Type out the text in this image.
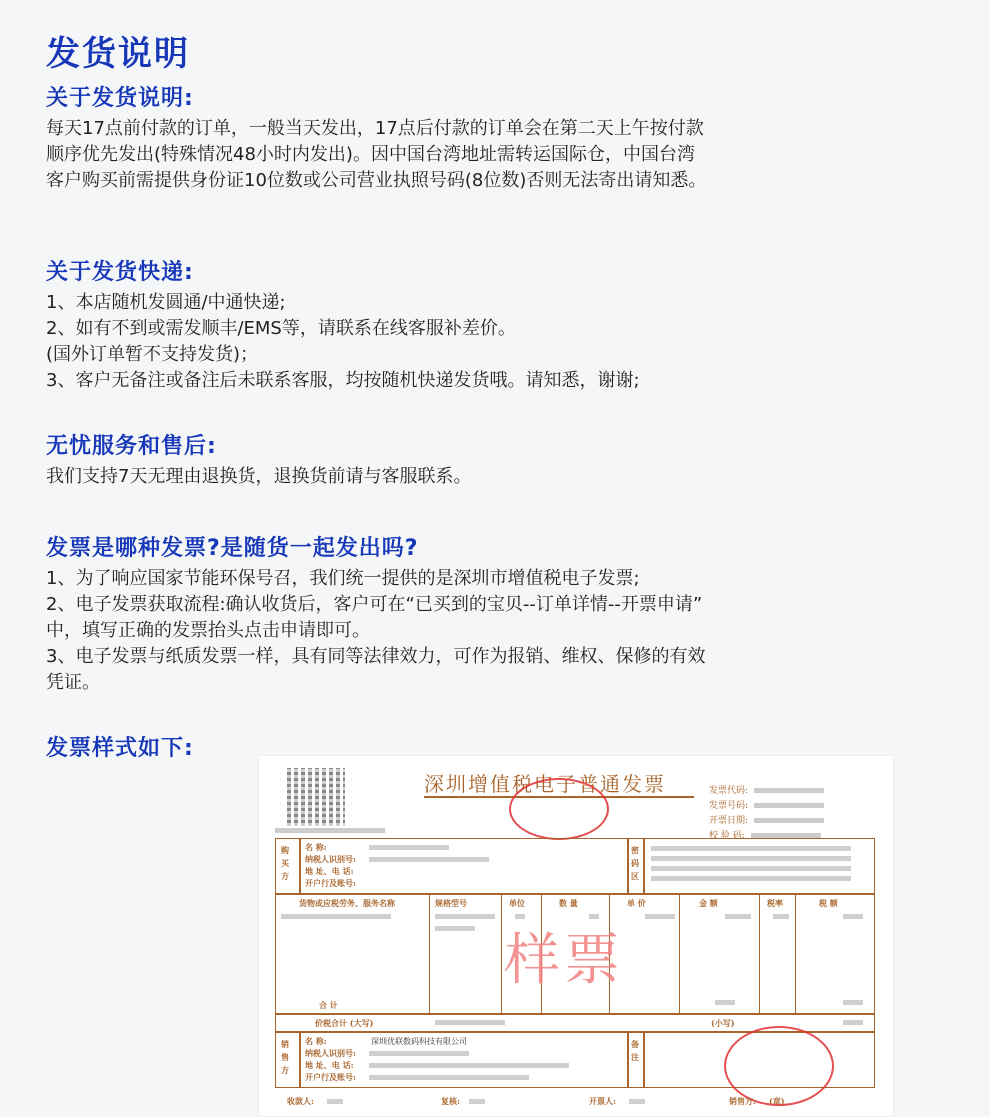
发货说明
关于发货说明:

每天17点前付款的订单，一般当天发出，17点后付款的订单会在第二天上午按付款

顺序优先发出(特殊情况48小时内发出)。因中国台湾地址需转运国际仓，中国台湾

客户购买前需提供身份证10位数或公司营业执照号码(8位数)否则无法寄出请知悉。

关于发货快递:

1、本店随机发圆通/中通快递;

2、如有不到或需发顺丰/EMS等，请联系在线客服补差价。

(国外订单暂不支持发货)；

3、客户无备注或备注后未联系客服，均按随机快递发货哦。请知悉，谢谢;

无忧服务和售后:

我们支持7天无理由退换货，退换货前请与客服联系。

发票是哪种发票?是随货一起发出吗?

1、为了响应国家节能环保号召，我们统一提供的是深圳市增值税电子发票;

2、电子发票获取流程:确认收货后，客户可在“已买到的宝贝--订单详情--开票申请”

中，填写正确的发票抬头点击申请即可。

3、电子发票与纸质发票一样，具有同等法律效力，可作为报销、维权、保修的有效

凭证。

发票样式如下:
深圳增值税电子普通发票	发票代码:
发票号码:
开票日期:
校 验 码:
购买方
名 称:
纳税人识别号:
地 址、电 话:
开户行及账号:
密码区
货物或应税劳务、服务名称	规格型号	单位	数 量	单 价	金 额	税率	税 额
样票
合 计
价税合计 (大写)	(小写)
销售方
名 称:	深圳优联数码科技有限公司
纳税人识别号:
地 址、电 话:
开户行及账号:
备注
收款人:	复核:	开票人:	销售方: (章)
